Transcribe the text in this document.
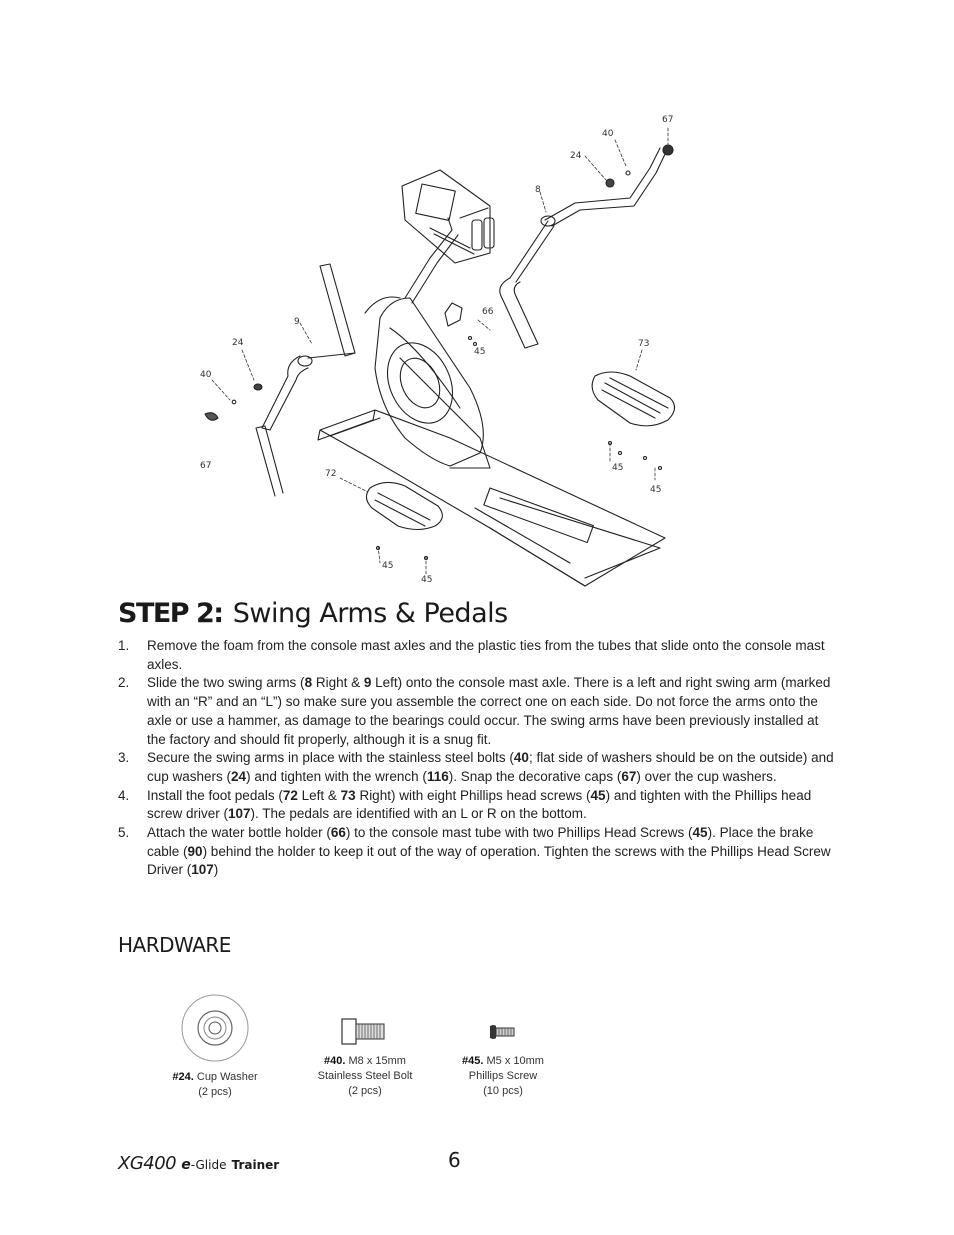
67
40
24
8
66
45
9
24
40
67
73
45
45
72
45
45
STEP 2: Swing Arms & Pedals
1. Remove the foam from the console mast axles and the plastic ties from the tubes that slide onto the console mast axles.
2. Slide the two swing arms (8 Right & 9 Left) onto the console mast axle. There is a left and right swing arm (marked with an “R” and an “L”) so make sure you assemble the correct one on each side. Do not force the arms onto the axle or use a hammer, as damage to the bearings could occur. The swing arms have been previously installed at the factory and should fit properly, although it is a snug fit.
3. Secure the swing arms in place with the stainless steel bolts (40; flat side of washers should be on the outside) and cup washers (24) and tighten with the wrench (116). Snap the decorative caps (67) over the cup washers.
4. Install the foot pedals (72 Left & 73 Right) with eight Phillips head screws (45) and tighten with the Phillips head screw driver (107). The pedals are identified with an L or R on the bottom.
5. Attach the water bottle holder (66) to the console mast tube with two Phillips Head Screws (45). Place the brake cable (90) behind the holder to keep it out of the way of operation. Tighten the screws with the Phillips Head Screw Driver (107)
HARDWARE
#24. Cup Washer
(2 pcs)
#40. M8 x 15mm
Stainless Steel Bolt
(2 pcs)
#45. M5 x 10mm
Phillips Screw
(10 pcs)
XG400 e-Glide Trainer	6
